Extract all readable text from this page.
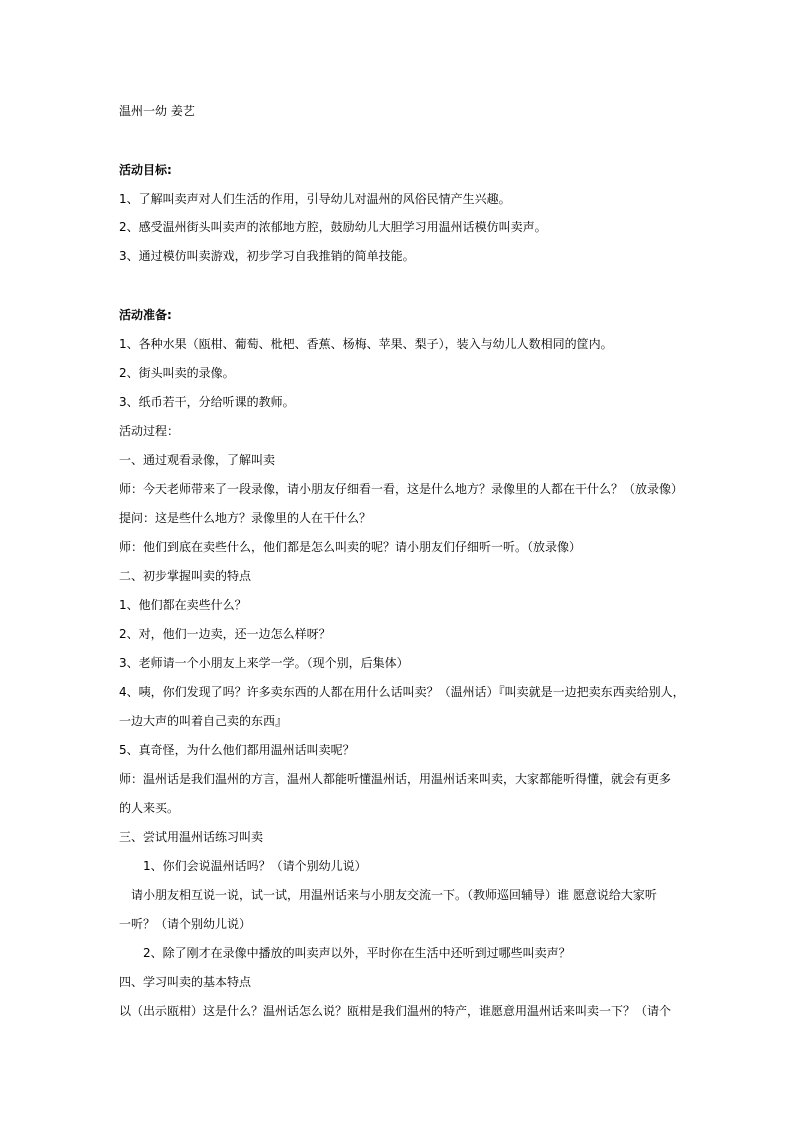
温州一幼 姜艺
活动目标:
1、了解叫卖声对人们生活的作用，引导幼儿对温州的风俗民情产生兴趣。
2、感受温州街头叫卖声的浓郁地方腔，鼓励幼儿大胆学习用温州话模仿叫卖声。
3、通过模仿叫卖游戏，初步学习自我推销的简单技能。
活动准备:
1、各种水果（瓯柑、葡萄、枇杷、香蕉、杨梅、苹果、梨子），装入与幼儿人数相同的筐内。
2、街头叫卖的录像。
3、纸币若干，分给听课的教师。
活动过程：
一、通过观看录像，了解叫卖
师：今天老师带来了一段录像，请小朋友仔细看一看，这是什么地方？录像里的人都在干什么？（放录像）
提问：这是些什么地方？录像里的人在干什么？
师：他们到底在卖些什么，他们都是怎么叫卖的呢？请小朋友们仔细听一听。（放录像）
二、初步掌握叫卖的特点
1、他们都在卖些什么？
2、对，他们一边卖，还一边怎么样呀？
3、老师请一个小朋友上来学一学。（现个别，后集体）
4、咦，你们发现了吗？许多卖东西的人都在用什么话叫卖？（温州话）『叫卖就是一边把卖东西卖给别人，
一边大声的叫着自己卖的东西』
5、真奇怪，为什么他们都用温州话叫卖呢？
师：温州话是我们温州的方言，温州人都能听懂温州话，用温州话来叫卖，大家都能听得懂，就会有更多
的人来买。
三、尝试用温州话练习叫卖
　　1、你们会说温州话吗？（请个别幼儿说）
　请小朋友相互说一说，试一试，用温州话来与小朋友交流一下。（教师巡回辅导）谁 愿意说给大家听
一听？（请个别幼儿说）
　　2、除了刚才在录像中播放的叫卖声以外，平时你在生活中还听到过哪些叫卖声？
四、学习叫卖的基本特点
以（出示瓯柑）这是什么？温州话怎么说？瓯柑是我们温州的特产，谁愿意用温州话来叫卖一下？（请个
